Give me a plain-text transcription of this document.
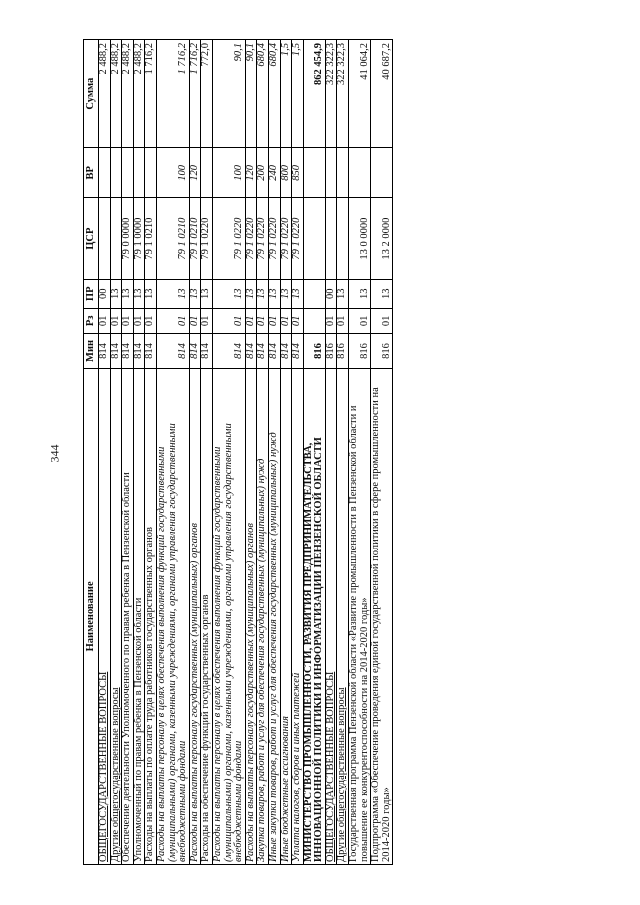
344
Наименование	Мин	Рз	ПР	ЦСР	ВР	Сумма
ОБЩЕГОСУДАРСТВЕННЫЕ ВОПРОСЫ	814	01	00			2 488,2
Другие общегосударственные вопросы	814	01	13			2 488,2
Обеспечение деятельности Уполномоченного по правам ребенка в Пензенской области	814	01	13	79 0 0000		2 488,2
Уполномоченный по правам ребенка в Пензенской области	814	01	13	79 1 0000		2 488,2
Расходы на выплаты по оплате труда работников государственных органов	814	01	13	79 1 0210		1 716,2
Расходы на выплаты персоналу в целях обеспечения выполнения функций государственными (муниципальными) органами, казенными учреждениями, органами управления государственными внебюджетными фондами	814	01	13	79 1 0210	100	1 716,2
Расходы на выплаты персоналу государственных (муниципальных) органов	814	01	13	79 1 0210	120	1 716,2
Расходы на обеспечение функций государственных органов	814	01	13	79 1 0220		772,0
Расходы на выплаты персоналу в целях обеспечения выполнения функций государственными (муниципальными) органами, казенными учреждениями, органами управления государственными внебюджетными фондами	814	01	13	79 1 0220	100	90,1
Расходы на выплаты персоналу государственных (муниципальных) органов	814	01	13	79 1 0220	120	90,1
Закупка товаров, работ и услуг для обеспечения государственных (муниципальных) нужд	814	01	13	79 1 0220	200	680,4
Иные закупки товаров, работ и услуг для обеспечения государственных (муниципальных) нужд	814	01	13	79 1 0220	240	680,4
Иные бюджетные ассигнования	814	01	13	79 1 0220	800	1,5
Уплата налогов, сборов и иных платежей	814	01	13	79 1 0220	850	1,5
МИНИСТЕРСТВО ПРОМЫШЛЕННОСТИ, РАЗВИТИЯ ПРЕДПРИНИМАТЕЛЬСТВА, ИННОВАЦИОННОЙ ПОЛИТИКИ И ИНФОРМАТИЗАЦИИ ПЕНЗЕНСКОЙ ОБЛАСТИ	816					862 454,9
ОБЩЕГОСУДАРСТВЕННЫЕ ВОПРОСЫ	816	01	00			322 322,3
Другие общегосударственные вопросы	816	01	13			322 322,3
Государственная программа Пензенской области «Развитие промышленности в Пензенской области и повышение ее конкурентоспособности на 2014-2020 годы»	816	01	13	13 0 0000		41 064,2
Подпрограмма «Обеспечение проведения единой государственной политики в сфере промышленности на 2014-2020 годы»	816	01	13	13 2 0000		40 687,2
